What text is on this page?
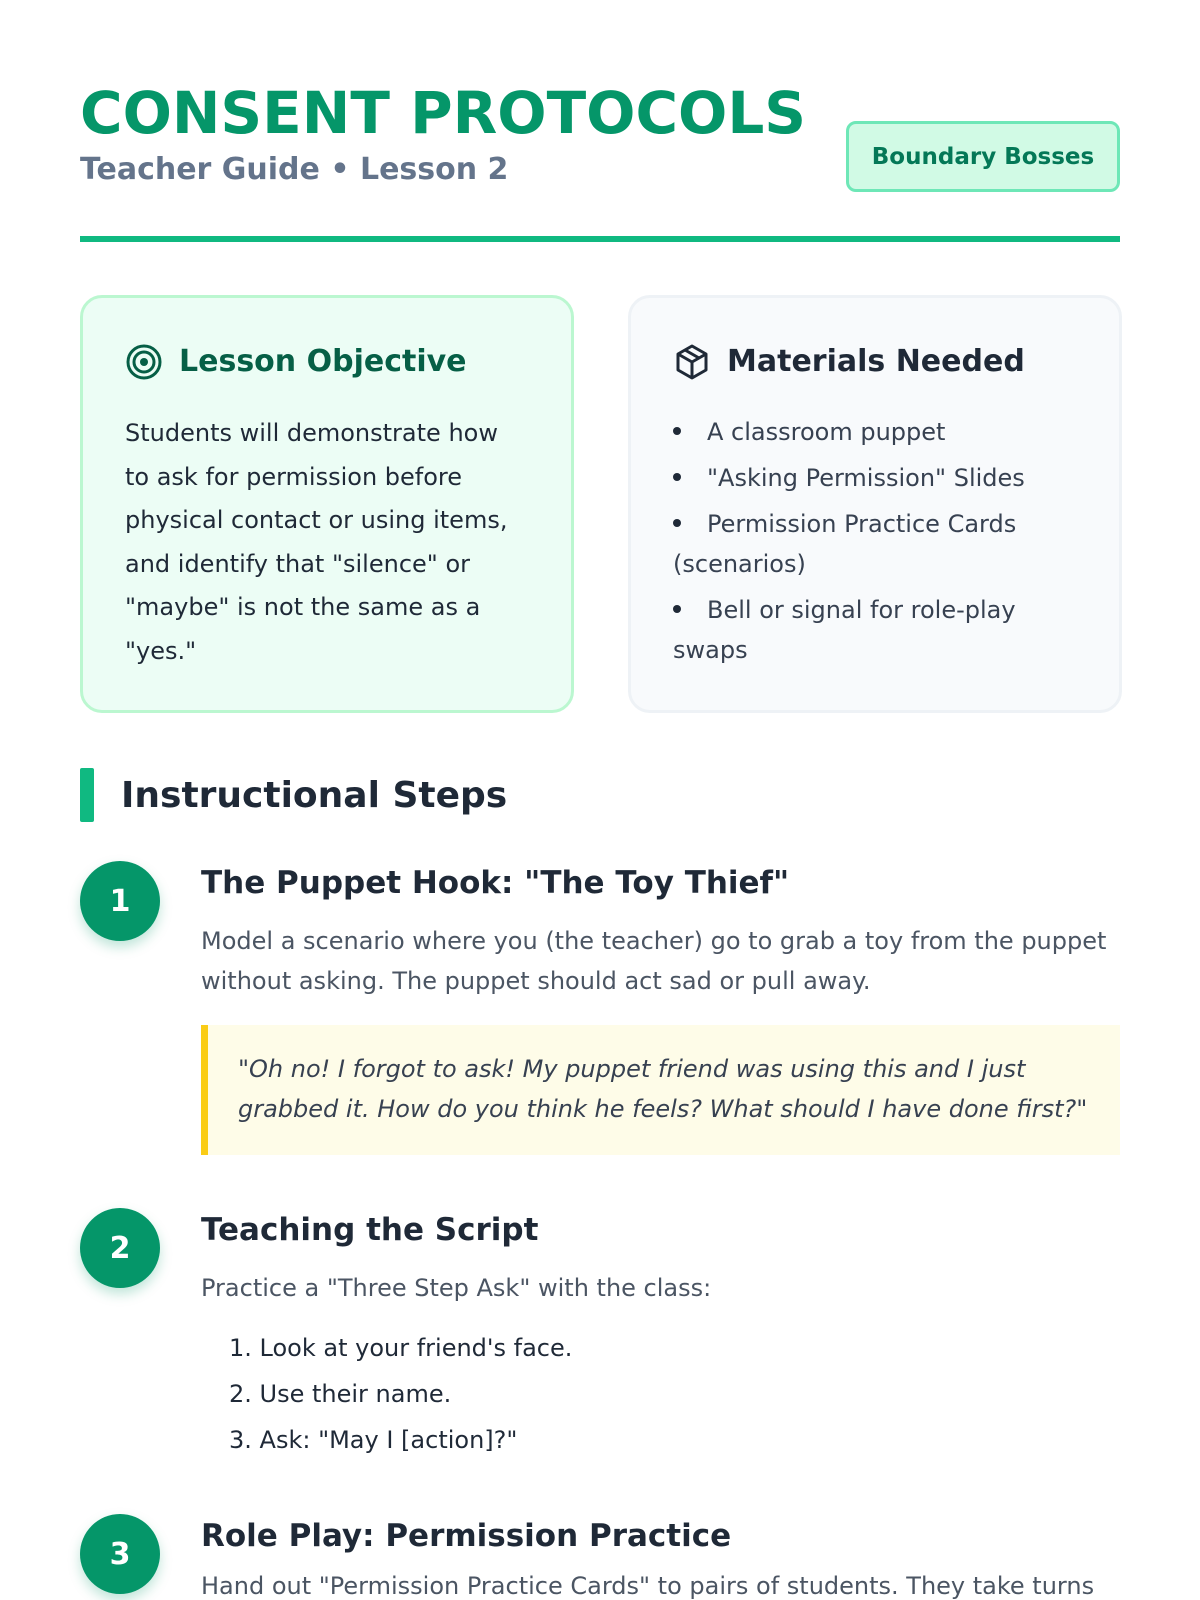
CONSENT PROTOCOLS
Teacher Guide • Lesson 2	Boundary Bosses
Lesson Objective

Students will demonstrate how to ask for permission before physical contact or using items, and identify that "silence" or "maybe" is not the same as a "yes."

Materials Needed
A classroom puppet
"Asking Permission" Slides
Permission Practice Cards (scenarios)
Bell or signal for role-play swaps
Instructional Steps
1	The Puppet Hook: "The Toy Thief"

Model a scenario where you (the teacher) go to grab a toy from the puppet without asking. The puppet should act sad or pull away.

"Oh no! I forgot to ask! My puppet friend was using this and I just grabbed it. How do you think he feels? What should I have done first?"
2	Teaching the Script

Practice a "Three Step Ask" with the class:

1. Look at your friend's face.
2. Use their name.
3. Ask: "May I [action]?"
3	Role Play: Permission Practice

Hand out "Permission Practice Cards" to pairs of students. They take turns
